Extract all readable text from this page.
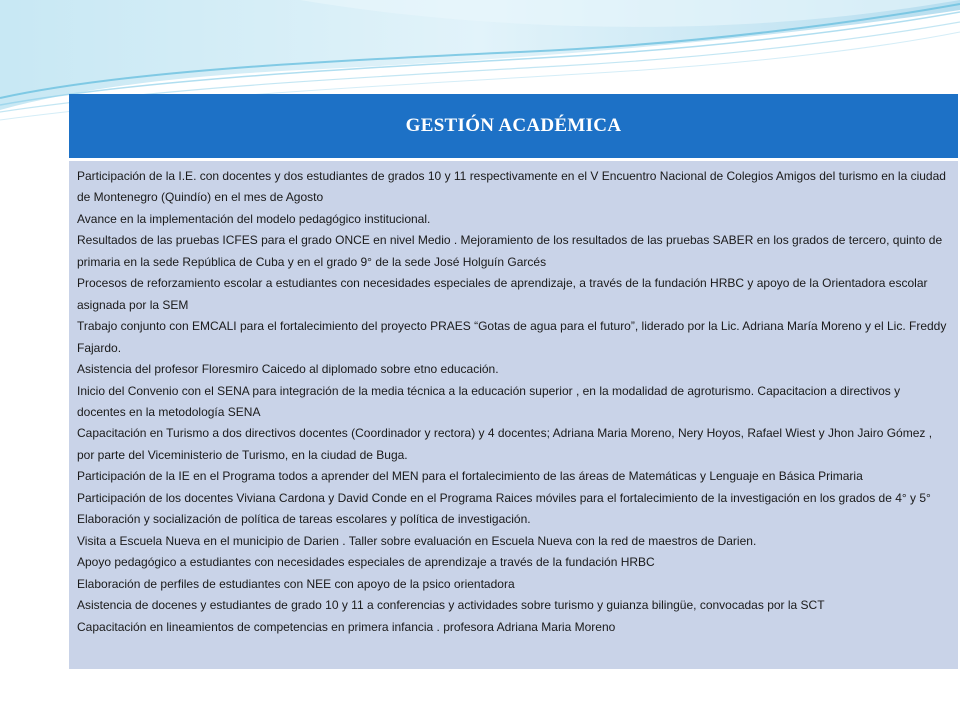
GESTIÓN ACADÉMICA

Participación de la I.E. con docentes y dos estudiantes de grados 10 y 11 respectivamente en el V Encuentro Nacional de Colegios Amigos del turismo en la ciudad de Montenegro (Quindío) en el mes de Agosto

Avance en la implementación del modelo pedagógico institucional.

Resultados de las pruebas ICFES para el grado ONCE en nivel Medio . Mejoramiento de los resultados de las pruebas SABER en los grados de tercero, quinto de primaria en la sede República de Cuba y en el grado 9° de la sede José Holguín Garcés

Procesos de reforzamiento escolar a estudiantes con necesidades especiales de aprendizaje, a través de la fundación HRBC y apoyo de la Orientadora escolar asignada por la SEM

Trabajo conjunto con EMCALI para el fortalecimiento del proyecto PRAES “Gotas de agua para el futuro”, liderado por la Lic. Adriana María Moreno y el Lic. Freddy Fajardo.

Asistencia del profesor Floresmiro Caicedo al diplomado sobre etno educación.

Inicio del Convenio con el SENA para integración de la media técnica a la educación superior , en la modalidad de agroturismo. Capacitacion a directivos y docentes en la metodología SENA

Capacitación en Turismo a dos directivos docentes (Coordinador y rectora) y 4 docentes; Adriana Maria Moreno, Nery Hoyos, Rafael Wiest y Jhon Jairo Gómez , por parte del Viceministerio de Turismo, en la ciudad de Buga.

Participación de la IE en el Programa todos a aprender del MEN para el fortalecimiento de las áreas de Matemáticas y Lenguaje en Básica Primaria

Participación de los docentes Viviana Cardona y David Conde en el Programa Raices móviles para el fortalecimiento de la investigación en los grados de 4° y 5°

Elaboración y socialización de política de tareas escolares y política de investigación.

Visita a Escuela Nueva en el municipio de Darien . Taller sobre evaluación en Escuela Nueva con la red de maestros de Darien.

Apoyo pedagógico a estudiantes con necesidades especiales de aprendizaje a través de la fundación HRBC

Elaboración de perfiles de estudiantes con NEE con apoyo de la psico orientadora

Asistencia de docenes y estudiantes de grado 10 y 11 a conferencias y actividades sobre turismo y guianza bilingüe, convocadas por la SCT

Capacitación en lineamientos de competencias en primera infancia . profesora Adriana Maria Moreno
